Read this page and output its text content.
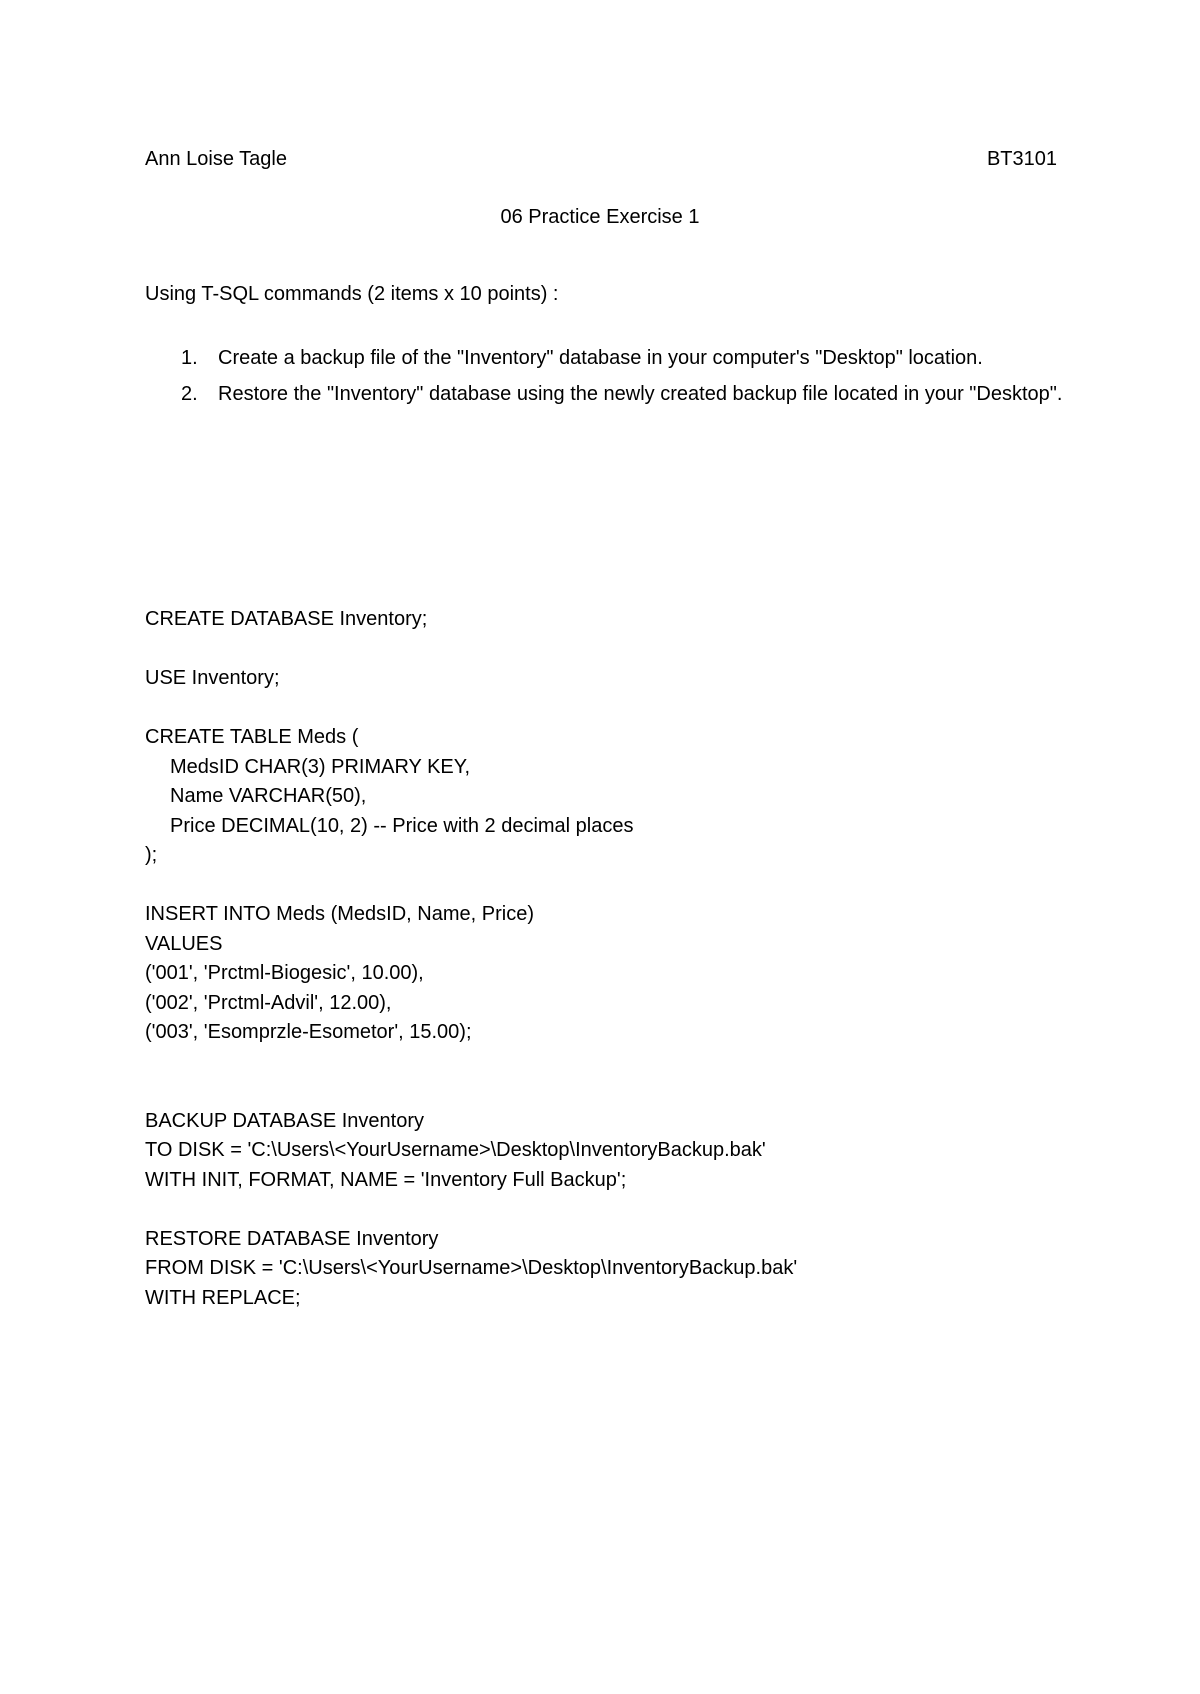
Ann Loise Tagle	BT3101
06 Practice Exercise 1
Using T-SQL commands (2 items x 10 points) :
1. Create a backup file of the "Inventory" database in your computer's "Desktop" location.
2. Restore the "Inventory" database using the newly created backup file located in your "Desktop".
CREATE DATABASE Inventory;
USE Inventory;
CREATE TABLE Meds (
MedsID CHAR(3) PRIMARY KEY,
Name VARCHAR(50),
Price DECIMAL(10, 2) -- Price with 2 decimal places
);
INSERT INTO Meds (MedsID, Name, Price)
VALUES
('001', 'Prctml-Biogesic', 10.00),
('002', 'Prctml-Advil', 12.00),
('003', 'Esomprzle-Esometor', 15.00);
BACKUP DATABASE Inventory
TO DISK = 'C:\Users\<YourUsername>\Desktop\InventoryBackup.bak'
WITH INIT, FORMAT, NAME = 'Inventory Full Backup';
RESTORE DATABASE Inventory
FROM DISK = 'C:\Users\<YourUsername>\Desktop\InventoryBackup.bak'
WITH REPLACE;
